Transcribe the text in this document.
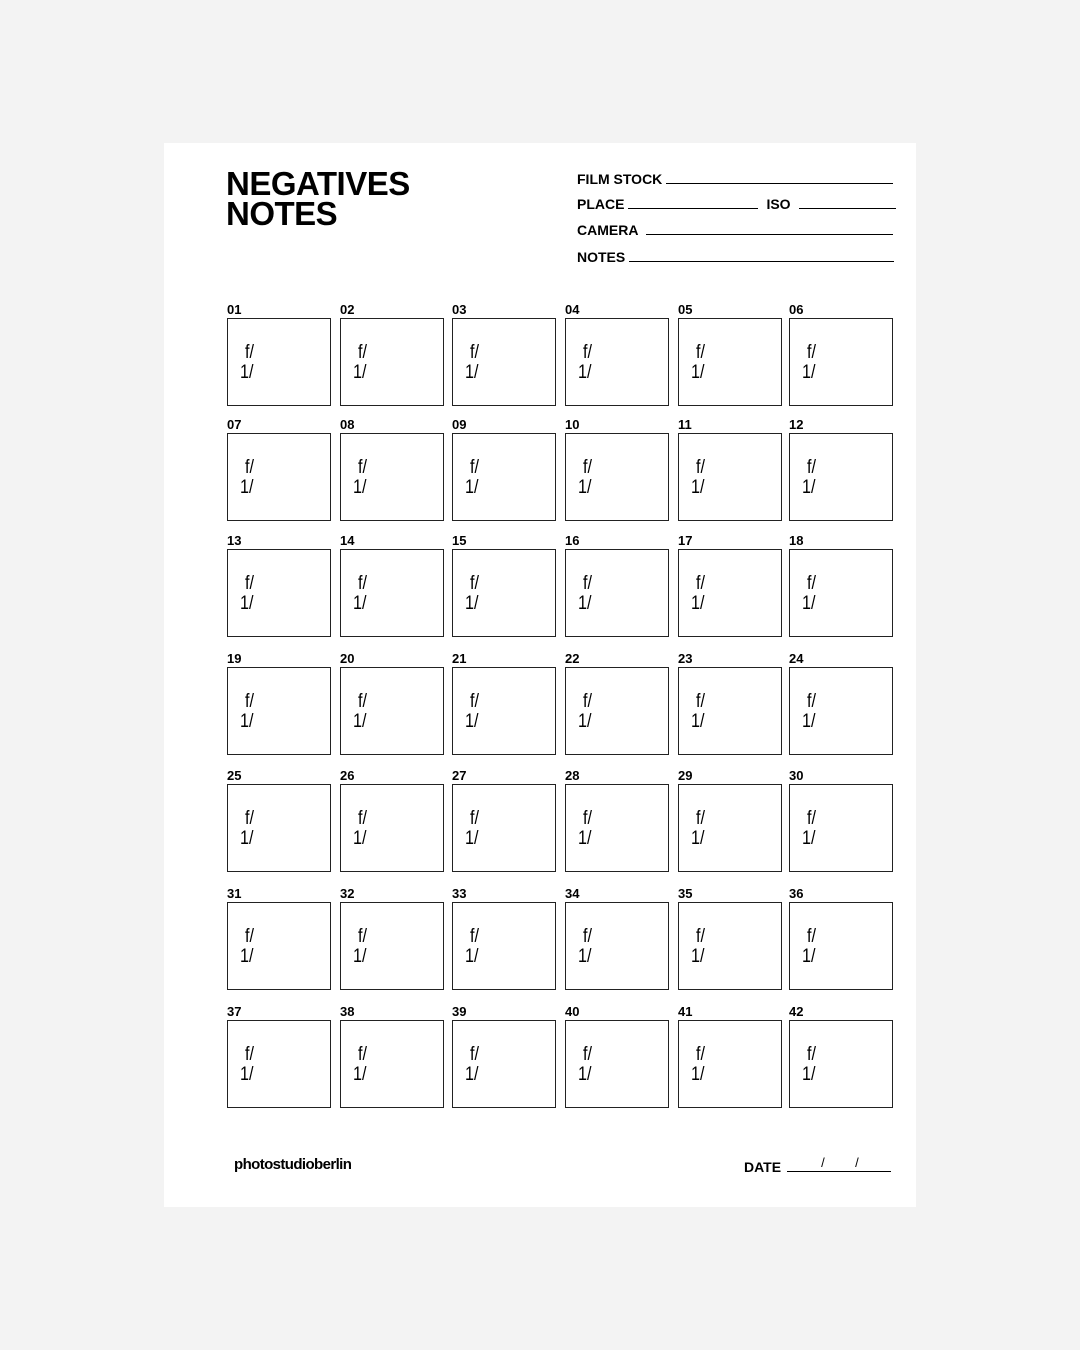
NEGATIVES
NOTES
FILM STOCK
PLACE	ISO
CAMERA
NOTES
01
f/
1/
02
f/
1/
03
f/
1/
04
f/
1/
05
f/
1/
06
f/
1/
07
f/
1/
08
f/
1/
09
f/
1/
10
f/
1/
11
f/
1/
12
f/
1/
13
f/
1/
14
f/
1/
15
f/
1/
16
f/
1/
17
f/
1/
18
f/
1/
19
f/
1/
20
f/
1/
21
f/
1/
22
f/
1/
23
f/
1/
24
f/
1/
25
f/
1/
26
f/
1/
27
f/
1/
28
f/
1/
29
f/
1/
30
f/
1/
31
f/
1/
32
f/
1/
33
f/
1/
34
f/
1/
35
f/
1/
36
f/
1/
37
f/
1/
38
f/
1/
39
f/
1/
40
f/
1/
41
f/
1/
42
f/
1/
photostudioberlin	DATE	/ /
